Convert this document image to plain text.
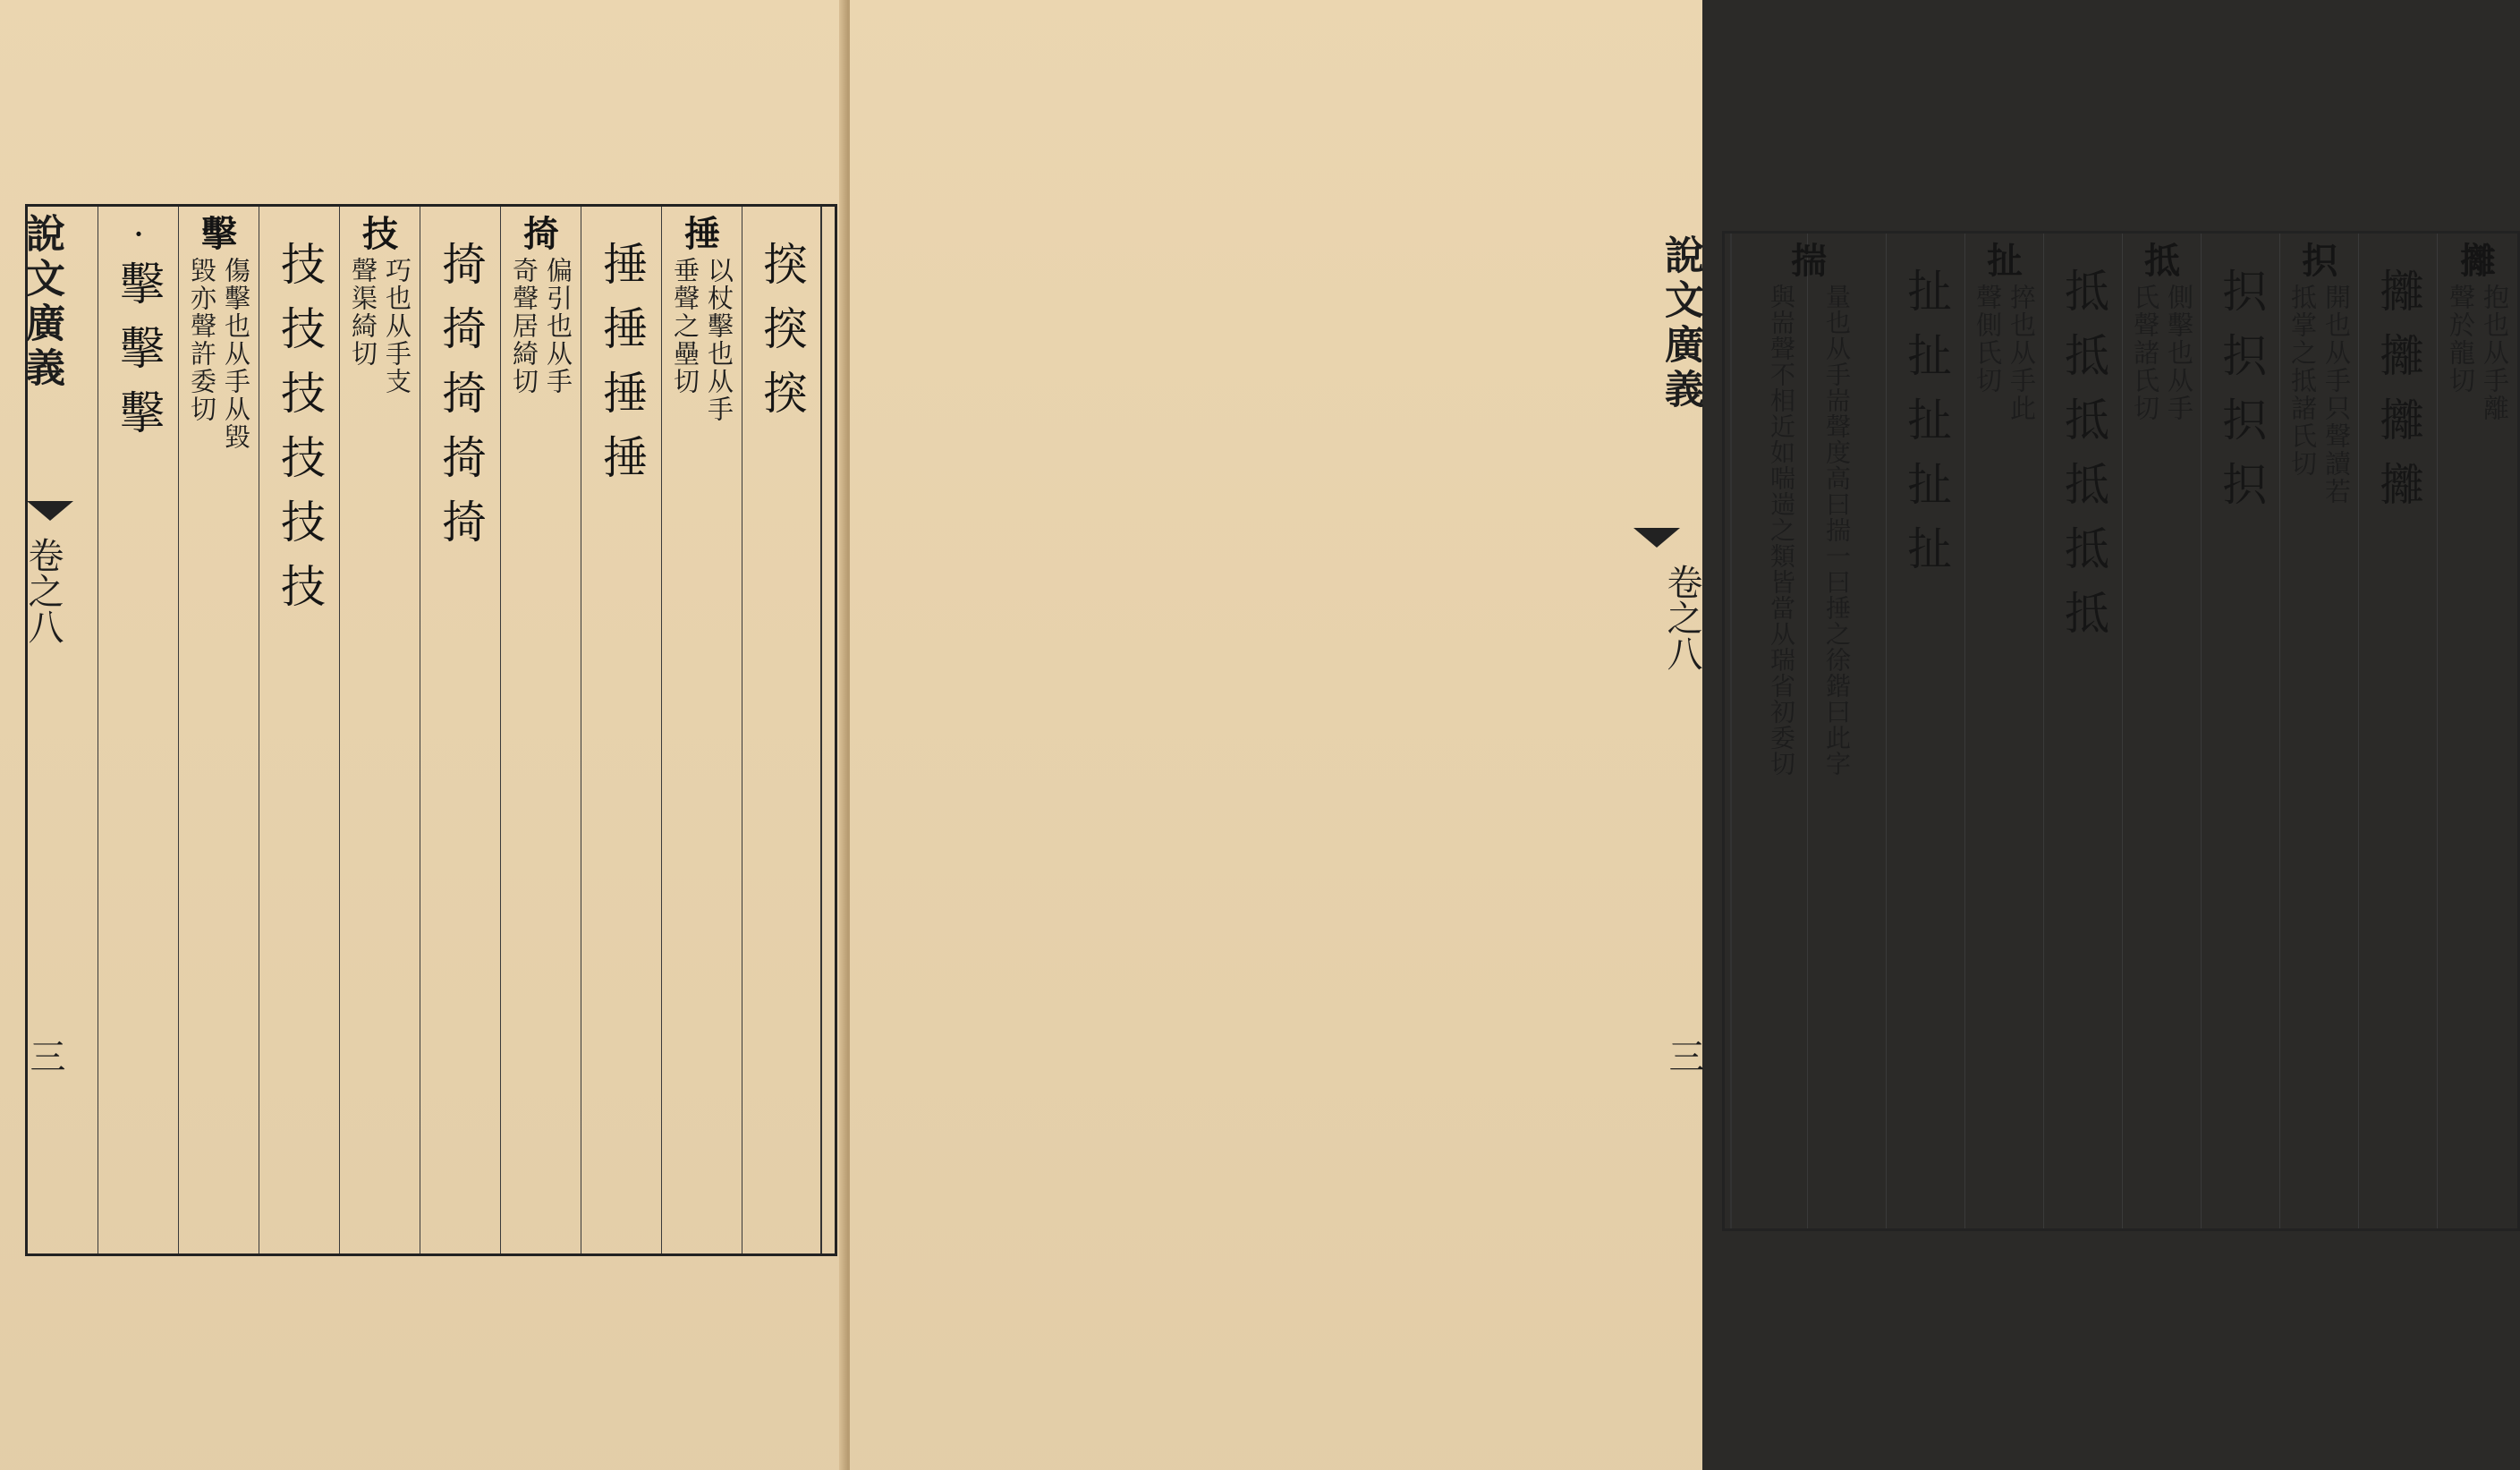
說文廣義
卷之八
三
揬揬揬
捶
以杖擊也从手
垂聲之壘切
捶捶捶捶
掎
偏引也从手
奇聲居綺切
掎掎掎掎掎
技
巧也从手支
聲渠綺切
技技技技技技
擊
傷擊也从手从毀
毀亦聲許委切
·
擊擊擊	攡
抱也从手離
聲於龍切
攡攡攡攡
抧
開也从手只聲讀若
抵掌之抵諸氏切
抧抧抧抧
抵
側擊也从手
氏聲諸氏切
抵抵抵抵抵抵
扯
捽也从手此
聲側氏切
扯扯扯扯扯
揣
量也从手耑聲度高曰揣一曰捶之徐鍇曰此字
與耑聲不相近如喘遄之類皆當从瑞省初委切
說文廣義
卷之八
三
